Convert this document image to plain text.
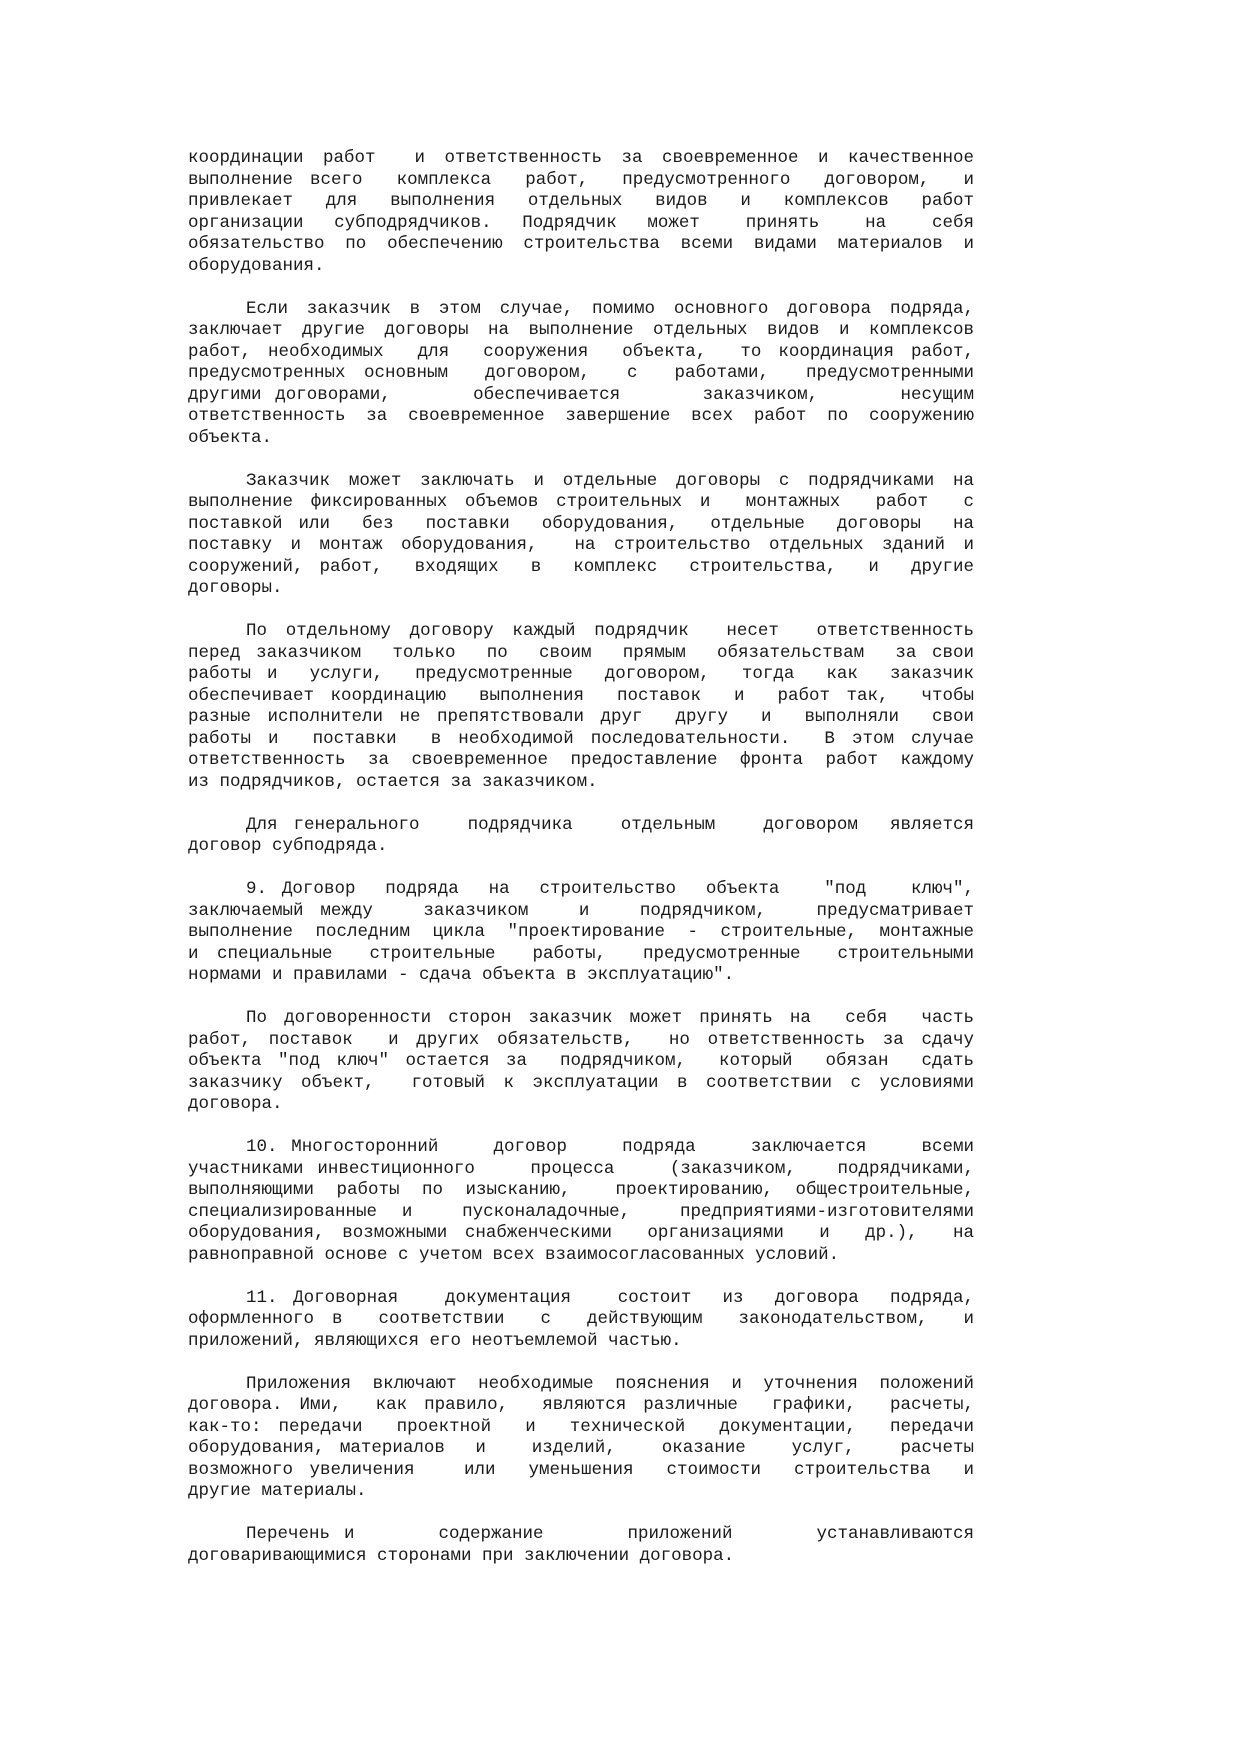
координации работ  и ответственность за своевременное и качественное
выполнение всего  комплекса  работ,  предусмотренного  договором,  и
привлекает  для  выполнения  отдельных  видов  и  комплексов  работ
организации  субподрядчиков.  Подрядчик  может   принять   на   себя
обязательство по обеспечению строительства всеми видами материалов и
оборудования.
Если заказчик в этом случае, помимо основного договора подряда,
заключает другие договоры на выполнение отдельных видов и комплексов
работ, необходимых  для  сооружения  объекта,  то координация работ,
предусмотренных основным  договором,  с  работами,  предусмотренными
другими договорами,      обеспечивается      заказчиком,      несущим
ответственность за своевременное завершение всех работ по сооружению
объекта.
Заказчик может заключать и отдельные договоры с подрядчиками на
выполнение фиксированных объемов строительных и  монтажных  работ  с
поставкой или  без  поставки  оборудования,  отдельные  договоры  на
поставку и монтаж оборудования,  на строительство отдельных зданий и
сооружений, работ,  входящих  в  комплекс  строительства,  и  другие
договоры.
По отдельному договору каждый подрядчик  несет  ответственность
перед заказчиком  только  по  своим  прямым  обязательствам  за свои
работы и  услуги,  предусмотренные  договором,  тогда  как  заказчик
обеспечивает координацию  выполнения  поставок  и  работ так,  чтобы
разные исполнители не препятствовали друг  другу  и  выполняли  свои
работы и  поставки  в необходимой последовательности.  В этом случае
ответственность за своевременное предоставление фронта работ каждому
из подрядчиков, остается за заказчиком.
Для генерального   подрядчика   отдельным   договором  является
договор субподряда.
9. Договор  подряда  на  строительство  объекта   "под   ключ",
заключаемый между   заказчиком   и   подрядчиком,   предусматривает
выполнение последним цикла "проектирование - строительные, монтажные
и специальные  строительные  работы,  предусмотренные  строительными
нормами и правилами - сдача объекта в эксплуатацию".
По договоренности сторон заказчик может принять на  себя  часть
работ, поставок  и других обязательств,  но ответственность за сдачу
объекта "под ключ" остается за  подрядчиком,  который  обязан  сдать
заказчику объект,  готовый к эксплуатации в соответствии с условиями
договора.
10. Многосторонний    договор    подряда    заключается    всеми
участниками инвестиционного    процесса    (заказчиком,   подрядчиками,
выполняющими работы по изысканию,  проектированию, общестроительные,
специализированные и  пусконаладочные,  предприятиями-изготовителями
оборудования, возможными снабженческими  организациями  и  др.),  на
равноправной основе с учетом всех взаимосогласованных условий.
11. Договорная   документация   состоит  из  договора  подряда,
оформленного в  соответствии  с  действующим  законодательством,  и
приложений, являющихся его неотъемлемой частью.
Приложения включают необходимые пояснения и уточнения положений
договора. Ими,  как правило,  являются различные  графики,  расчеты,
как-то: передачи  проектной  и  технической  документации,  передачи
оборудования, материалов  и   изделий,   оказание   услуг,   расчеты
возможного увеличения   или  уменьшения  стоимости  строительства  и
другие материалы.
Перечень и      содержание      приложений      устанавливаются
договаривающимися сторонами при заключении договора.
